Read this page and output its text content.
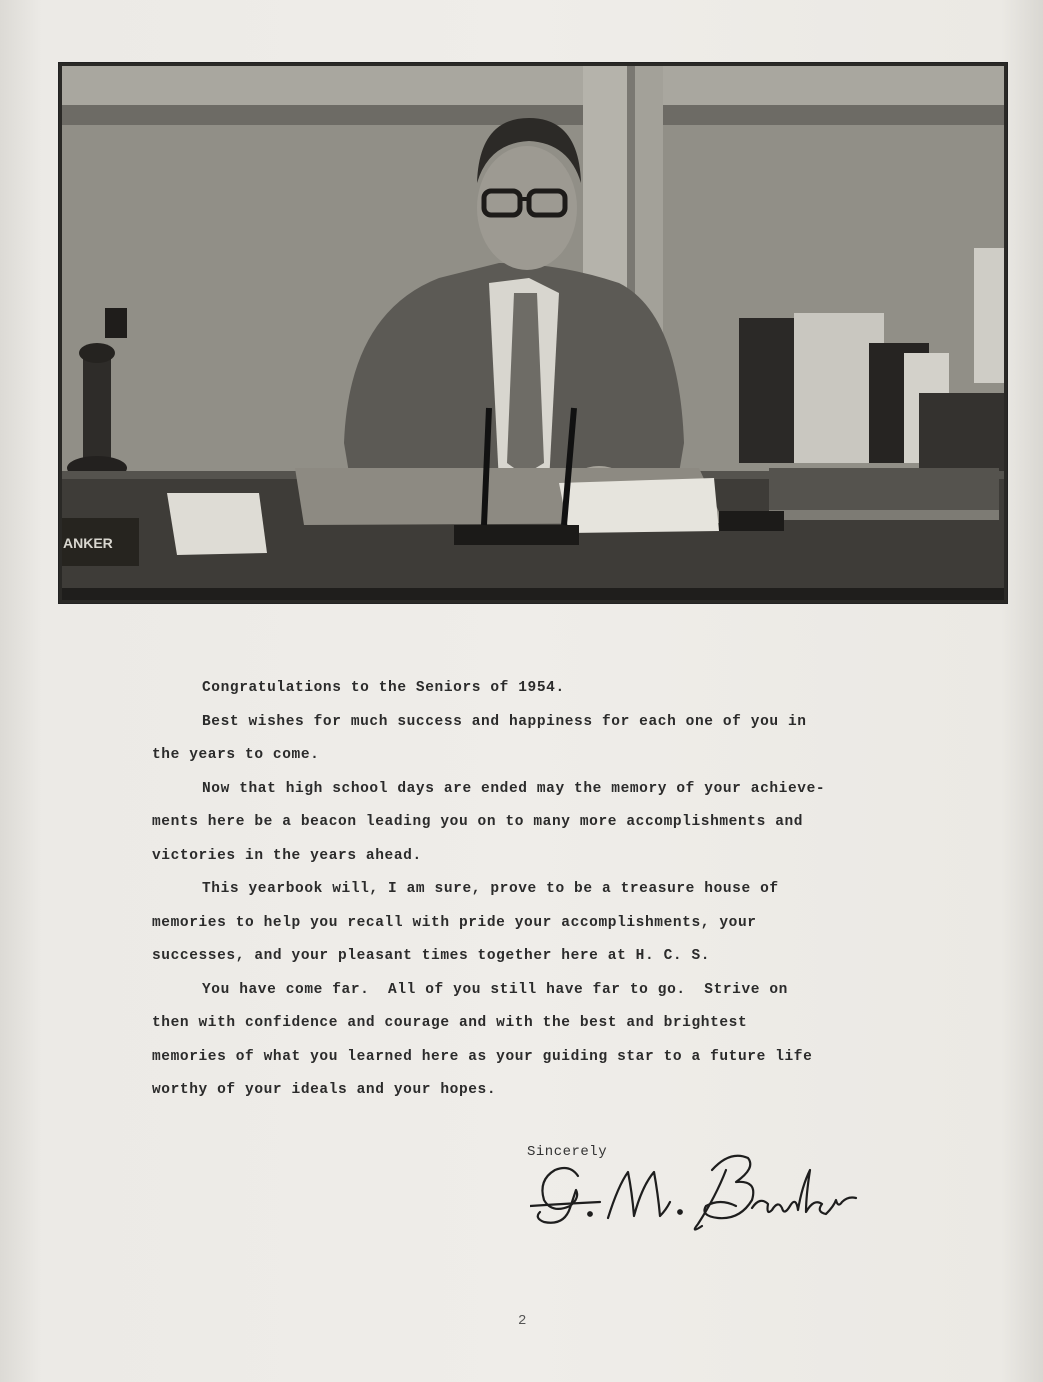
ANKER

Congratulations to the Seniors of 1954.

Best wishes for much success and happiness for each one of you in

the years to come.

Now that high school days are ended may the memory of your achieve-

ments here be a beacon leading you on to many more accomplishments and

victories in the years ahead.

This yearbook will, I am sure, prove to be a treasure house of

memories to help you recall with pride your accomplishments, your

successes, and your pleasant times together here at H. C. S.

You have come far.  All of you still have far to go.  Strive on

then with confidence and courage and with the best and brightest

memories of what you learned here as your guiding star to a future life

worthy of your ideals and your hopes.

Sincerely
2
